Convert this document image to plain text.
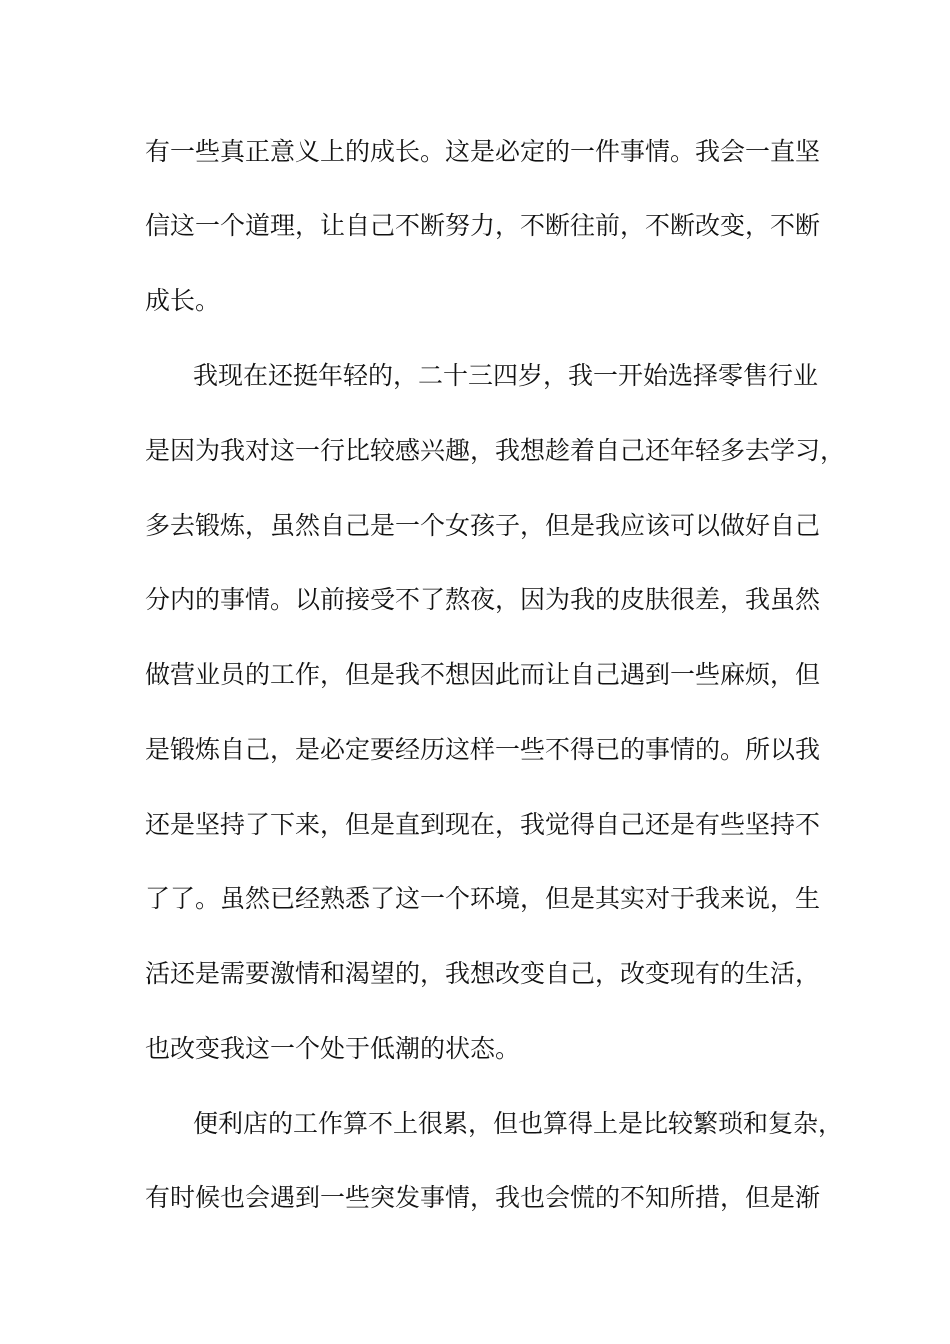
有一些真正意义上的成长。这是必定的一件事情。我会一直坚
信这一个道理，让自己不断努力，不断往前，不断改变，不断
成长。
我现在还挺年轻的，二十三四岁，我一开始选择零售行业
是因为我对这一行比较感兴趣，我想趁着自己还年轻多去学习，
多去锻炼，虽然自己是一个女孩子，但是我应该可以做好自己
分内的事情。以前接受不了熬夜，因为我的皮肤很差，我虽然
做营业员的工作，但是我不想因此而让自己遇到一些麻烦，但
是锻炼自己，是必定要经历这样一些不得已的事情的。所以我
还是坚持了下来，但是直到现在，我觉得自己还是有些坚持不
了了。虽然已经熟悉了这一个环境，但是其实对于我来说，生
活还是需要激情和渴望的，我想改变自己，改变现有的生活，
也改变我这一个处于低潮的状态。
便利店的工作算不上很累，但也算得上是比较繁琐和复杂，
有时候也会遇到一些突发事情，我也会慌的不知所措，但是渐
